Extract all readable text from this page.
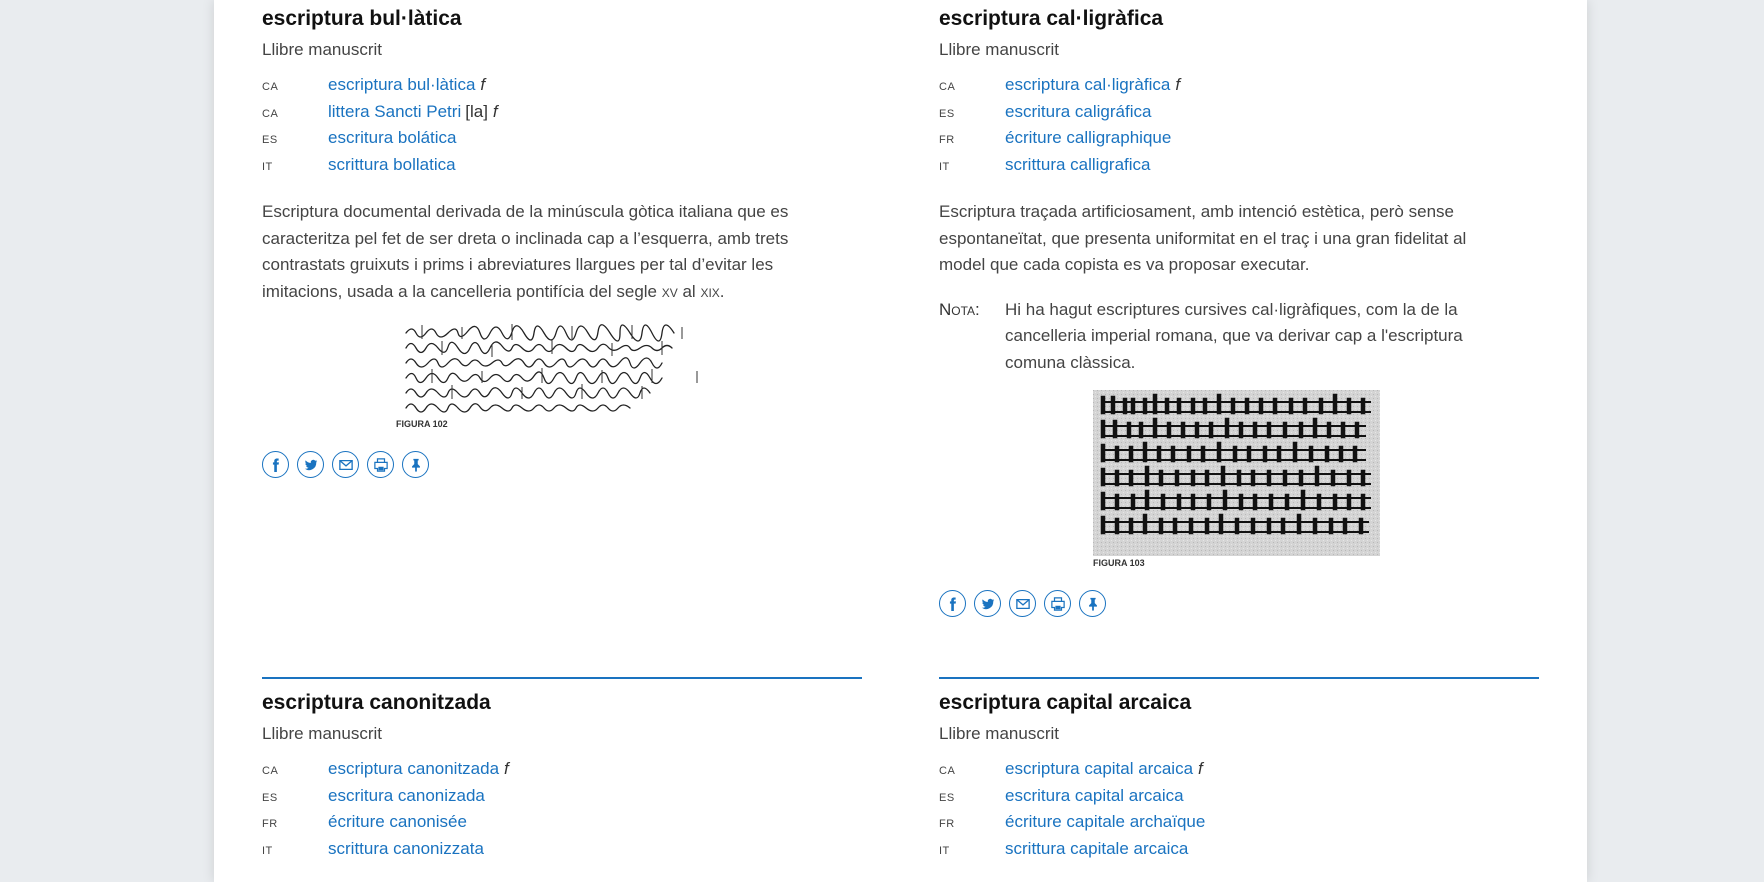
escriptura bul·làtica
Llibre manuscrit
CA	escriptura bul·làtica f
CA	littera Sancti Petri [la] f
ES	escritura bolática
IT	scrittura bollatica
Escriptura documental derivada de la minúscula gòtica italiana que es caracteritza pel fet de ser dreta o inclinada cap a l’esquerra, amb trets contrastats gruixuts i prims i abreviatures llargues per tal d’evitar les imitacions, usada a la cancelleria pontifícia del segle xv al xix.
FIGURA 102
escriptura cal·ligràfica
Llibre manuscrit
CA	escriptura cal·ligràfica f
ES	escritura caligráfica
FR	écriture calligraphique
IT	scrittura calligrafica
Escriptura traçada artificiosament, amb intenció estètica, però sense espontaneïtat, que presenta uniformitat en el traç i una gran fidelitat al model que cada copista es va proposar executar.
Nota:	Hi ha hagut escriptures cursives cal·ligràfiques, com la de la cancelleria imperial romana, que va derivar cap a l'escriptura comuna clàssica.
FIGURA 103
escriptura canonitzada
Llibre manuscrit
CA	escriptura canonitzada f
ES	escritura canonizada
FR	écriture canonisée
IT	scrittura canonizzata
escriptura capital arcaica
Llibre manuscrit
CA	escriptura capital arcaica f
ES	escritura capital arcaica
FR	écriture capitale archaïque
IT	scrittura capitale arcaica
